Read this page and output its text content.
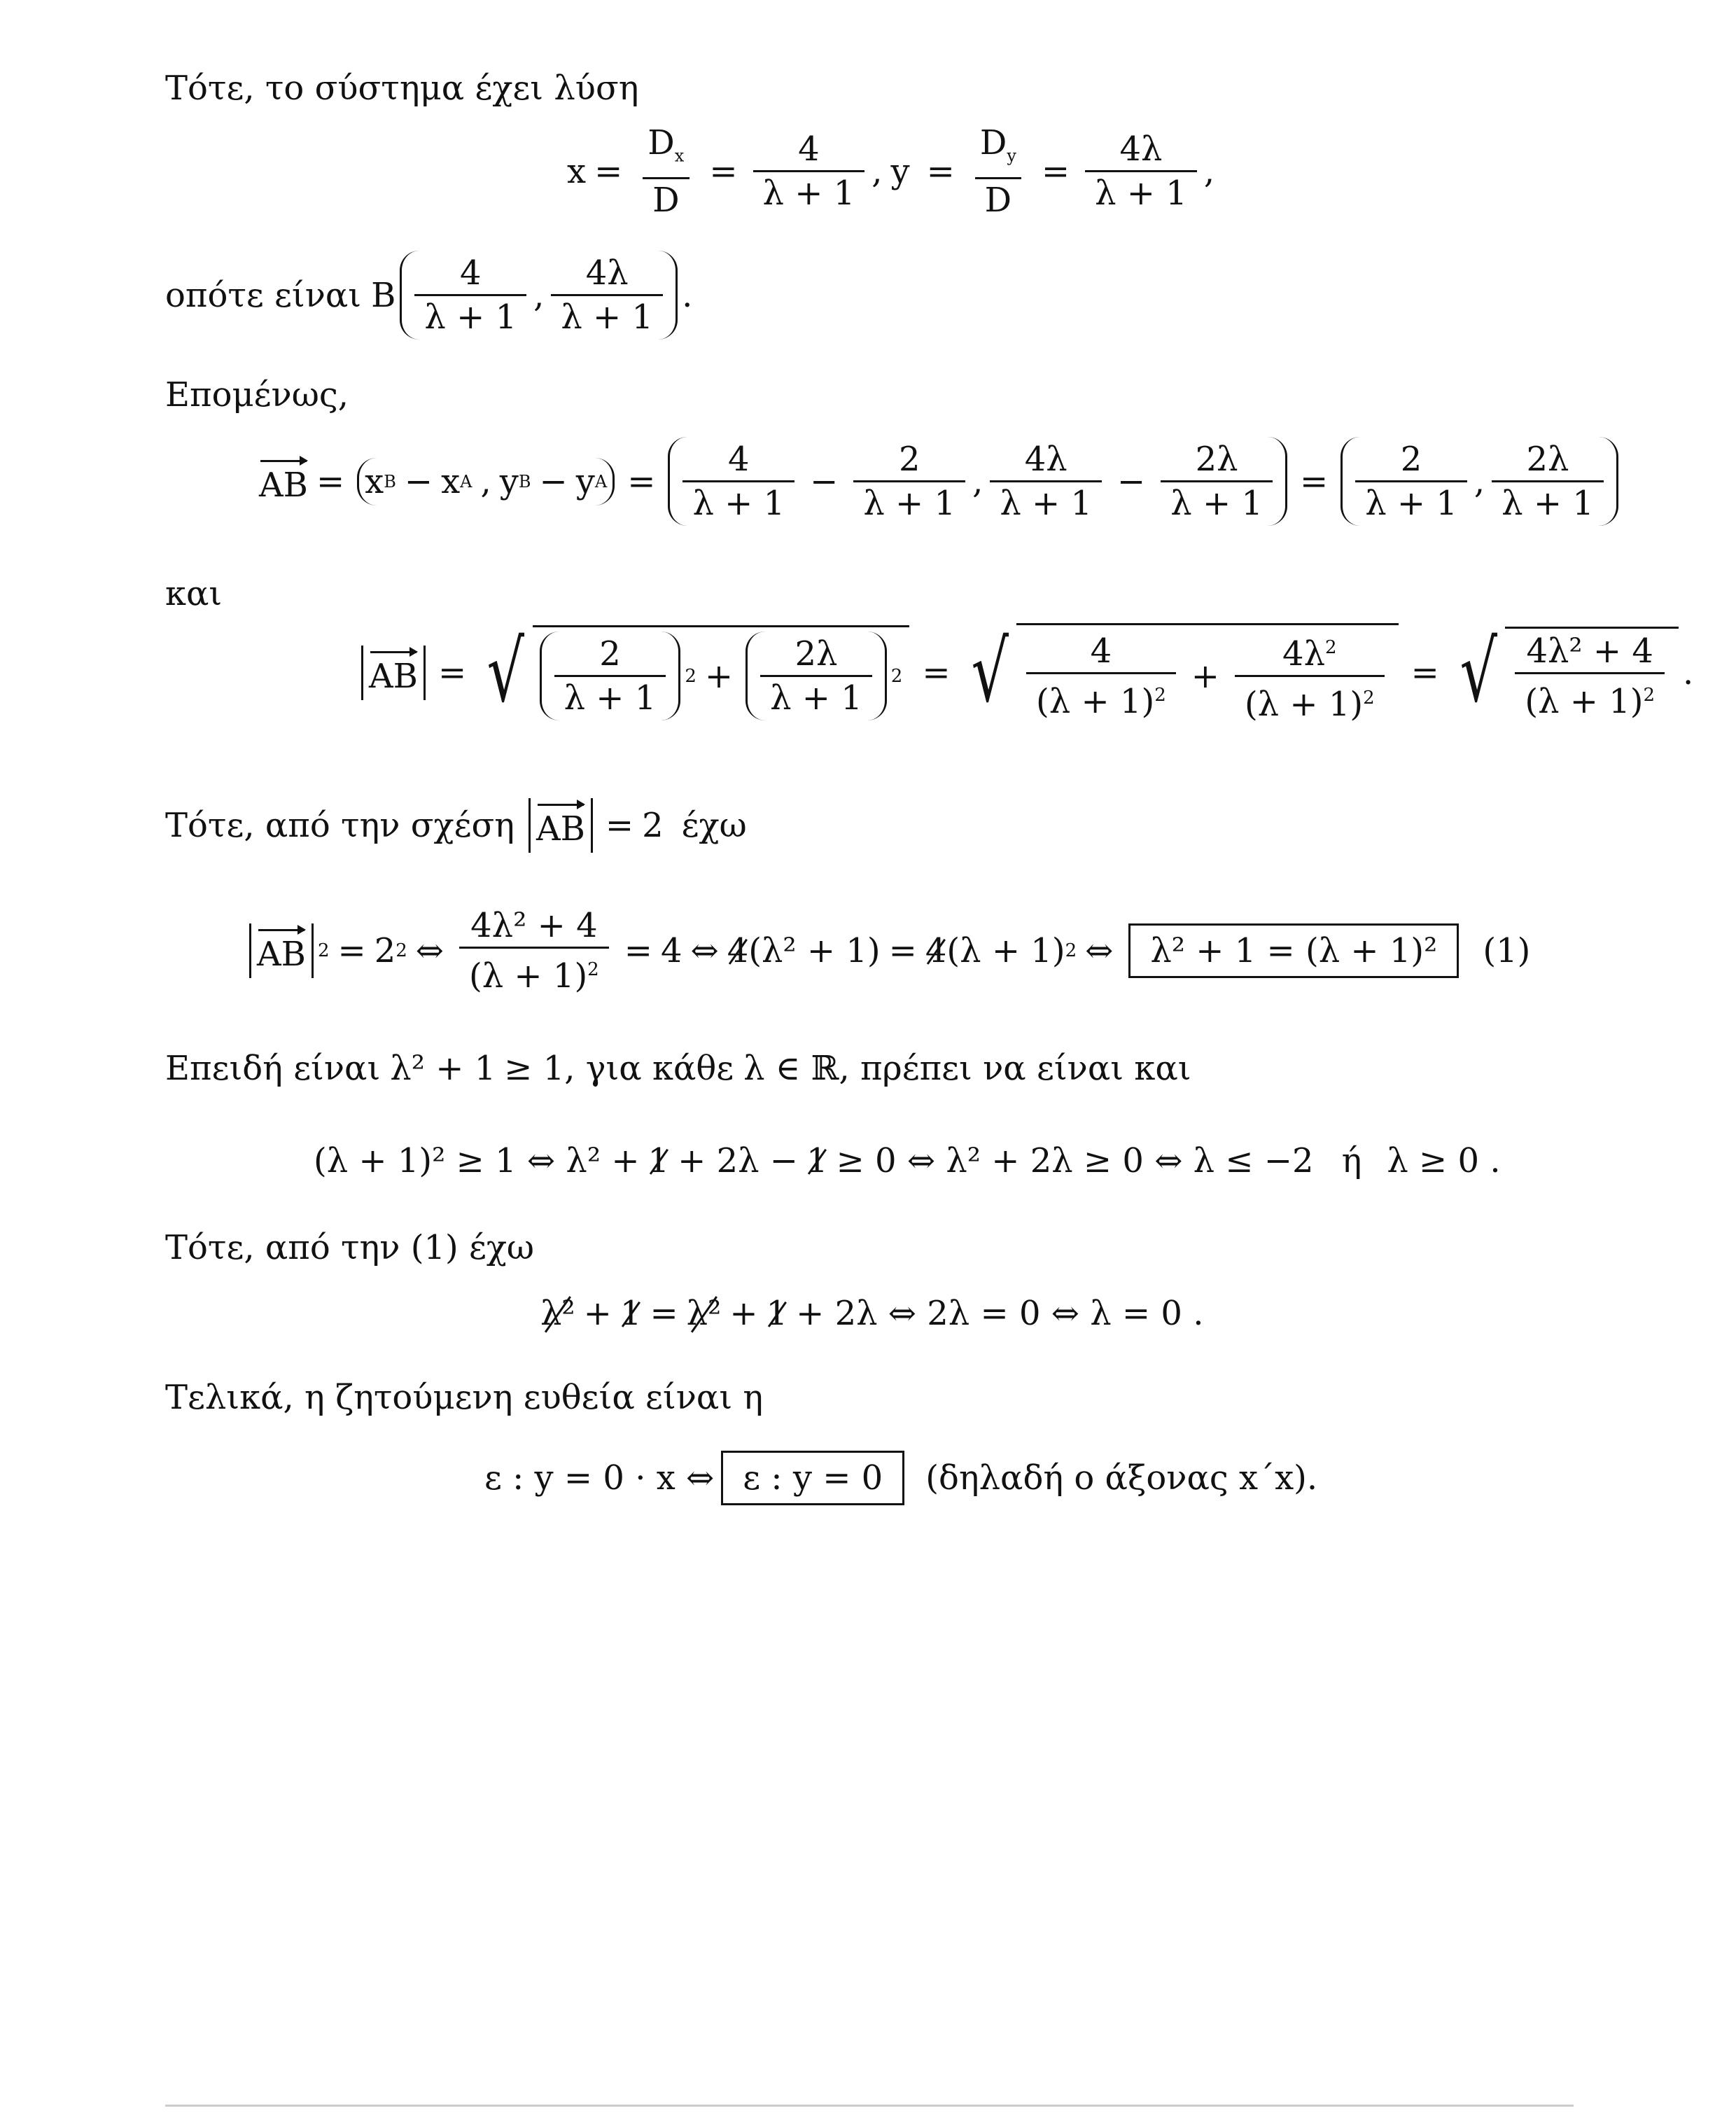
Τότε, το σύστημα έχει λύση
$x = \frac{D_x}{D} = \frac{4}{\lambda + 1}$ , $y = \frac{D_y}{D} = \frac{4\lambda}{\lambda + 1}$ ,
οπότε είναι B $\frac{4}{\lambda + 1}$ , $\frac{4\lambda}{\lambda + 1}$ .
Επομένως,
AB = x B − x A , y B − y $A = \frac{4}{\lambda + 1} - \frac{2}{\lambda + 1}$ , $\frac{4\lambda}{\lambda + 1} - \frac{2\lambda}{\lambda + 1} = \frac{2}{\lambda + 1}$ , $\frac{2\lambda}{\lambda + 1}$
και
AB = √ $\frac{2}{\lambda + 1} 2 + \frac{2\lambda}{\lambda + 1} 2$ = √ $\frac{4}{(\lambda + 1)^2} + \frac{4\lambda^2}{(\lambda + 1)^2}$ = √ $\frac{\text{4λ² + 4}}{(\lambda + 1)^2}$ .
Τότε, από την σχέση AB = 2 έχω
AB 2 = 2 2 ⇔ $\frac{\text{4λ² + 4}}{(\lambda + 1)^2} = 4$ ⇔ 4 (λ² + 1) = 4 (λ + 1) 2 ⇔	λ² + 1 = (λ + 1)²	(1)
Επειδή είναι λ² + 1 ≥ 1 , για κάθε λ ∈ ℝ , πρέπει να είναι και
(λ + 1)² ≥ 1 ⇔ λ² + 1 + 2λ − 1 ≥ 0 ⇔ λ² + 2λ ≥ 0 ⇔ λ ≤ −2 ή λ ≥ 0 .
Τότε, από την (1) έχω
λ² + 1 = λ² + 1 + 2λ ⇔ 2λ = 0 ⇔ λ = 0 .
Τελικά, η ζητούμενη ευθεία είναι η
ε : y = 0 · x ⇔ ε : y = 0	(δηλαδή ο άξονας x΄x).
